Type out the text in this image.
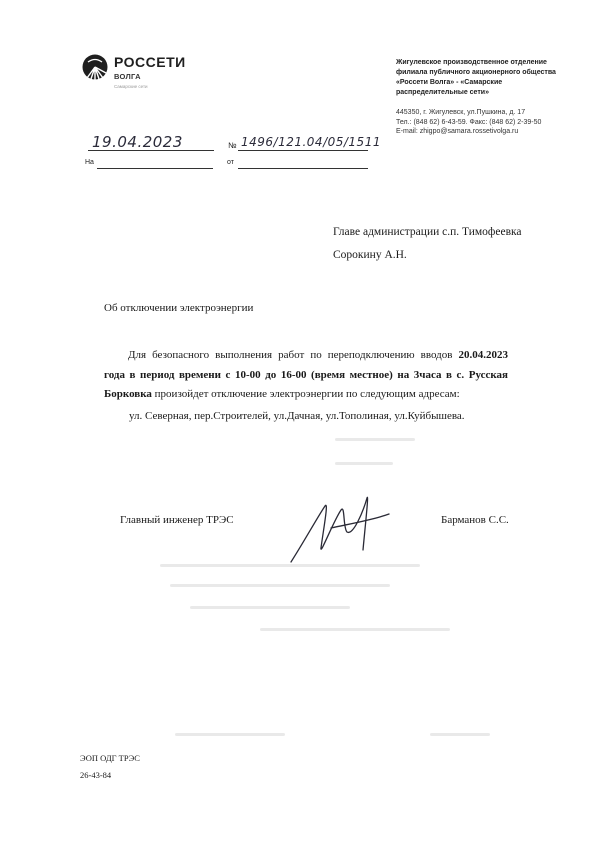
РОССЕТИ
ВОЛГА
Самарские сети
Жигулевское производственное отделение
филиала публичного акционерного общества
«Россети Волга» - «Самарские
распределительные сети»
445350, г. Жигулевск, ул.Пушкина, д. 17
Тел.: (848 62) 6-43-59. Факс: (848 62) 2-39-50
E-mail: zhigpo@samara.rossetivolga.ru
19.04.2023	№ 1496/121.04/05/1511
На	от
Главе администрации с.п. Тимофеевка
Сорокину А.Н.
Об отключении электроэнергии
Для безопасного выполнения работ по переподключению вводов 20.04.2023 года в период времени с 10-00 до 16-00 (время местное) на 3часа в с. Русская Борковка произойдет отключение электроэнергии по следующим адресам:
ул. Северная, пер.Строителей, ул.Дачная, ул.Тополиная, ул.Куйбышева.
Главный инженер ТРЭС	Барманов С.С.
ЭОП ОДГ ТРЭС
26-43-84
